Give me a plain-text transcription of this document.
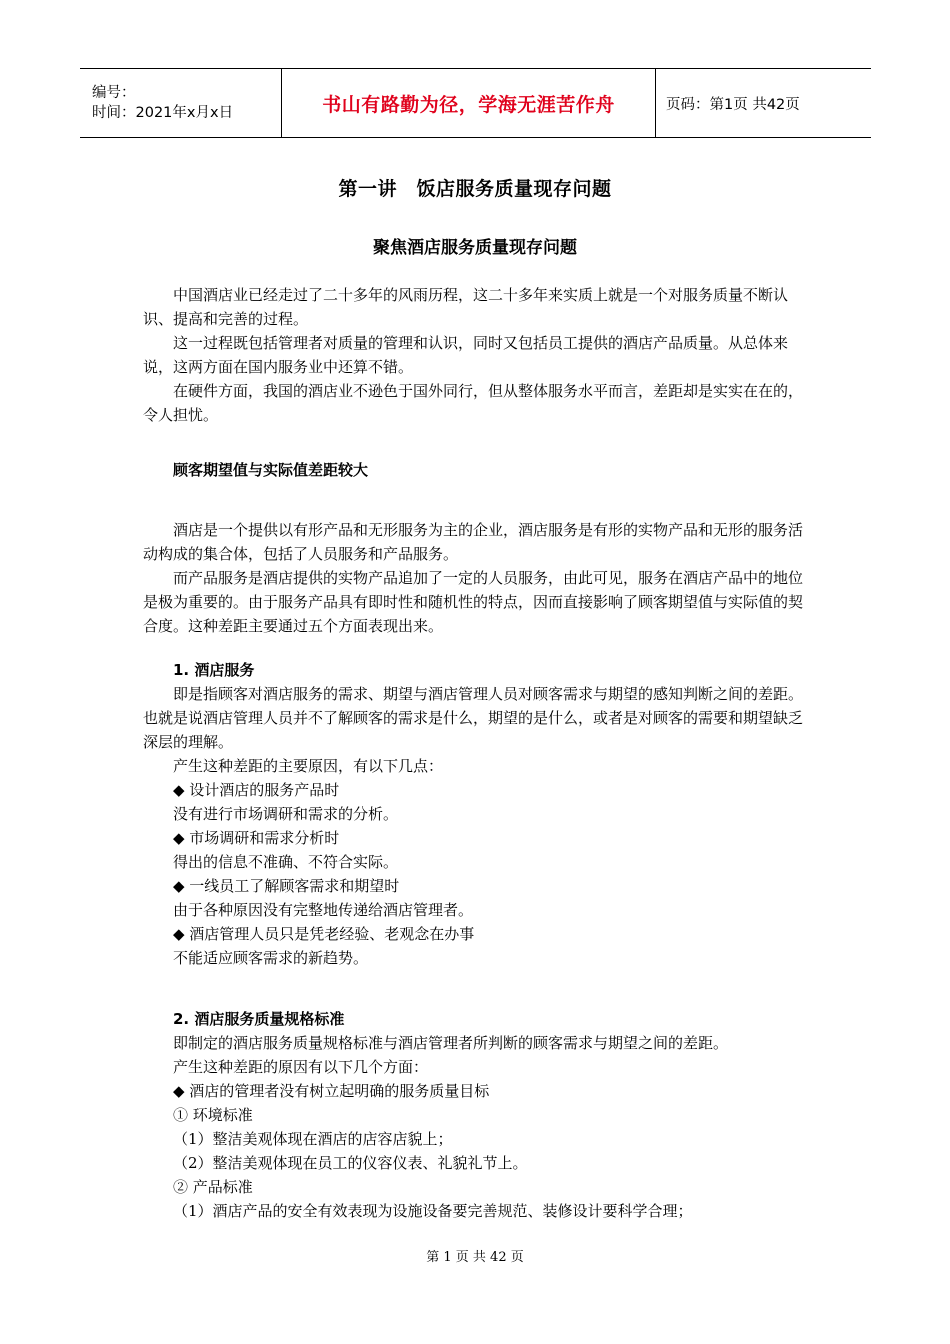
编号：
时间：2021年x月x日	书山有路勤为径，学海无涯苦作舟	页码：第1页 共42页
第一讲　饭店服务质量现存问题
聚焦酒店服务质量现存问题

中国酒店业已经走过了二十多年的风雨历程，这二十多年来实质上就是一个对服务质量不断认识、提高和完善的过程。

这一过程既包括管理者对质量的管理和认识，同时又包括员工提供的酒店产品质量。从总体来说，这两方面在国内服务业中还算不错。

在硬件方面，我国的酒店业不逊色于国外同行，但从整体服务水平而言，差距却是实实在在的，令人担忧。

顾客期望值与实际值差距较大

酒店是一个提供以有形产品和无形服务为主的企业，酒店服务是有形的实物产品和无形的服务活动构成的集合体，包括了人员服务和产品服务。

而产品服务是酒店提供的实物产品追加了一定的人员服务，由此可见，服务在酒店产品中的地位是极为重要的。由于服务产品具有即时性和随机性的特点，因而直接影响了顾客期望值与实际值的契合度。这种差距主要通过五个方面表现出来。

1. 酒店服务

即是指顾客对酒店服务的需求、期望与酒店管理人员对顾客需求与期望的感知判断之间的差距。也就是说酒店管理人员并不了解顾客的需求是什么，期望的是什么，或者是对顾客的需要和期望缺乏深层的理解。

产生这种差距的主要原因，有以下几点：

◆ 设计酒店的服务产品时

没有进行市场调研和需求的分析。

◆ 市场调研和需求分析时

得出的信息不准确、不符合实际。

◆ 一线员工了解顾客需求和期望时

由于各种原因没有完整地传递给酒店管理者。

◆ 酒店管理人员只是凭老经验、老观念在办事

不能适应顾客需求的新趋势。

2. 酒店服务质量规格标准

即制定的酒店服务质量规格标准与酒店管理者所判断的顾客需求与期望之间的差距。

产生这种差距的原因有以下几个方面：

◆ 酒店的管理者没有树立起明确的服务质量目标

① 环境标准

（1）整洁美观体现在酒店的店容店貌上；

（2）整洁美观体现在员工的仪容仪表、礼貌礼节上。

② 产品标准

（1）酒店产品的安全有效表现为设施设备要完善规范、装修设计要科学合理；

第 1 页 共 42 页
